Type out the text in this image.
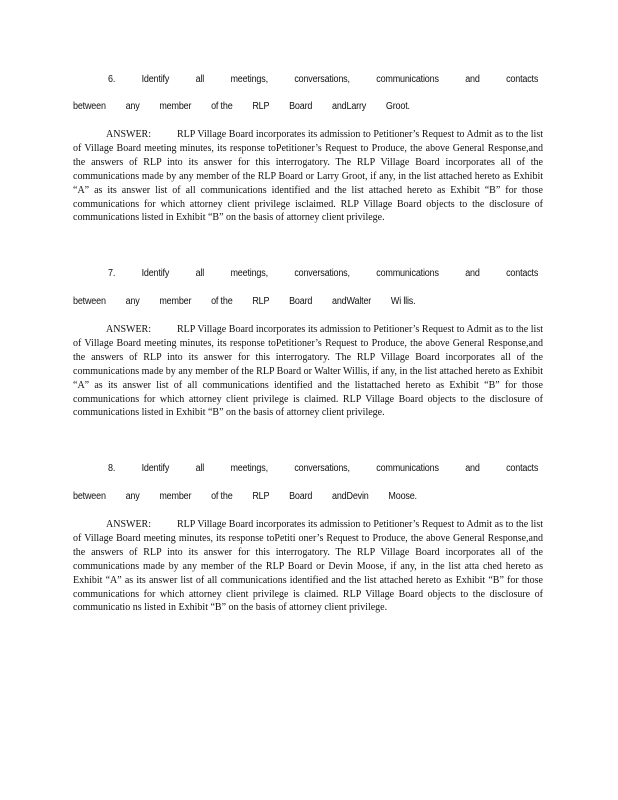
6.	Identify	all	meetings,	conversations,	communications	and	contacts
between any member of the RLP Board andLarry Groot.
ANSWER:	RLP Village Board incorporates its admission to Petitioner’s Request to Admit as to the list of Village Board meeting minutes, its response toPetitioner’s Request to Produce, the above General Response,and the answers of RLP into its answer for this interrogatory. The RLP Village Board incorporates all of the communications made by any member of the RLP Board or Larry Groot, if any, in the list attached hereto as Exhibit “A” as its answer list of all communications identified and the list attached hereto as Exhibit “B” for those communications for which attorney client privilege isclaimed. RLP Village Board objects to the disclosure of communications listed in Exhibit “B” on the basis of attorney client privilege.
7.	Identify	all	meetings,	conversations,	communications	and	contacts
between any member of the RLP Board andWalter Wi llis.
ANSWER:	RLP Village Board incorporates its admission to Petitioner’s Request to Admit as to the list of Village Board meeting minutes, its response toPetitioner’s Request to Produce, the above General Response,and the answers of RLP into its answer for this interrogatory. The RLP Village Board incorporates all of the communications made by any member of the RLP Board or Walter Willis, if any, in the list attached hereto as Exhibit “A” as its answer list of all communications identified and the listattached hereto as Exhibit “B” for those communications for which attorney client privilege is claimed. RLP Village Board objects to the disclosure of communications listed in Exhibit “B” on the basis of attorney client privilege.
8.	Identify	all	meetings,	conversations,	communications	and	contacts
between any member of the RLP Board andDevin Moose.
ANSWER:	RLP Village Board incorporates its admission to Petitioner’s Request to Admit as to the list of Village Board meeting minutes, its response toPetiti oner’s Request to Produce, the above General Response,and the answers of RLP into its answer for this interrogatory. The RLP Village Board incorporates all of the communications made by any member of the RLP Board or Devin Moose, if any, in the list atta ched hereto as Exhibit “A” as its answer list of all communications identified and the list attached hereto as Exhibit “B” for those communications for which attorney client privilege is claimed. RLP Village Board objects to the disclosure of communicatio ns listed in Exhibit “B” on the basis of attorney client privilege.
